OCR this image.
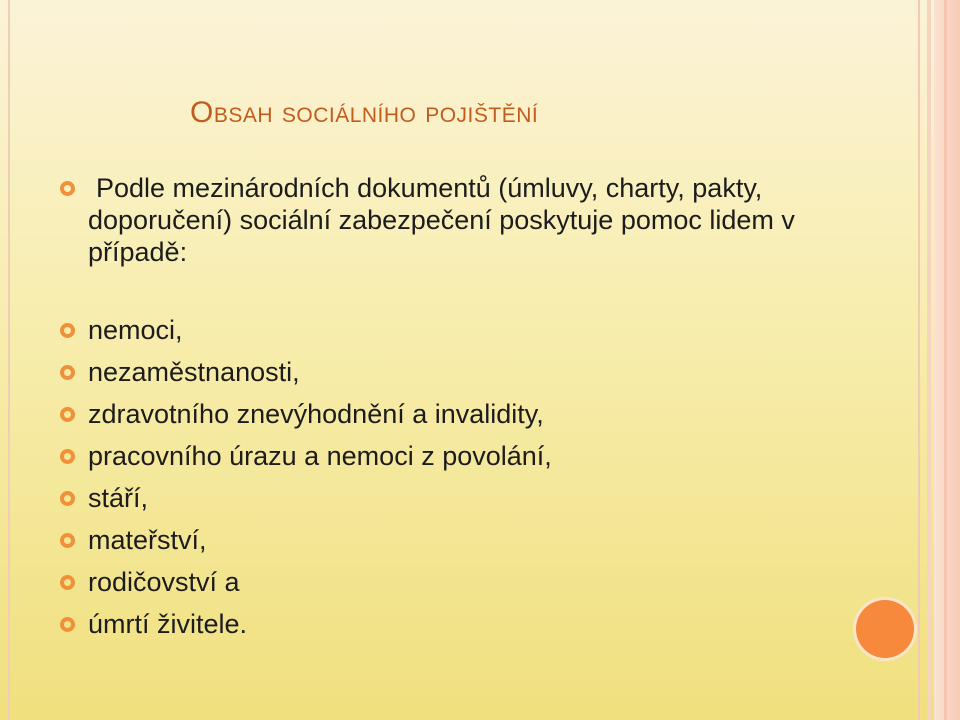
Obsah sociálního pojištění
Podle mezinárodních dokumentů (úmluvy, charty, pakty, doporučení) sociální zabezpečení poskytuje pomoc lidem v případě:
nemoci,
nezaměstnanosti,
zdravotního znevýhodnění a invalidity,
pracovního úrazu a nemoci z povolání,
stáří,
mateřství,
rodičovství a
úmrtí živitele.
